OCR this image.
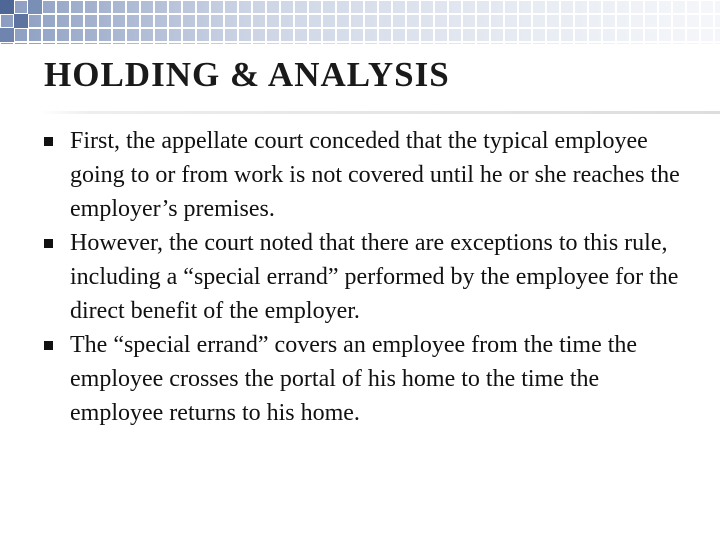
HOLDING & ANALYSIS
First, the appellate court conceded that the typical employee going to or from work is not covered until he or she reaches the employer’s premises.
However, the court noted that there are exceptions to this rule, including a “special errand” performed by the employee for the direct benefit of the employer.
The “special errand” covers an employee from the time the employee crosses the portal of his home to the time the employee returns to his home.
